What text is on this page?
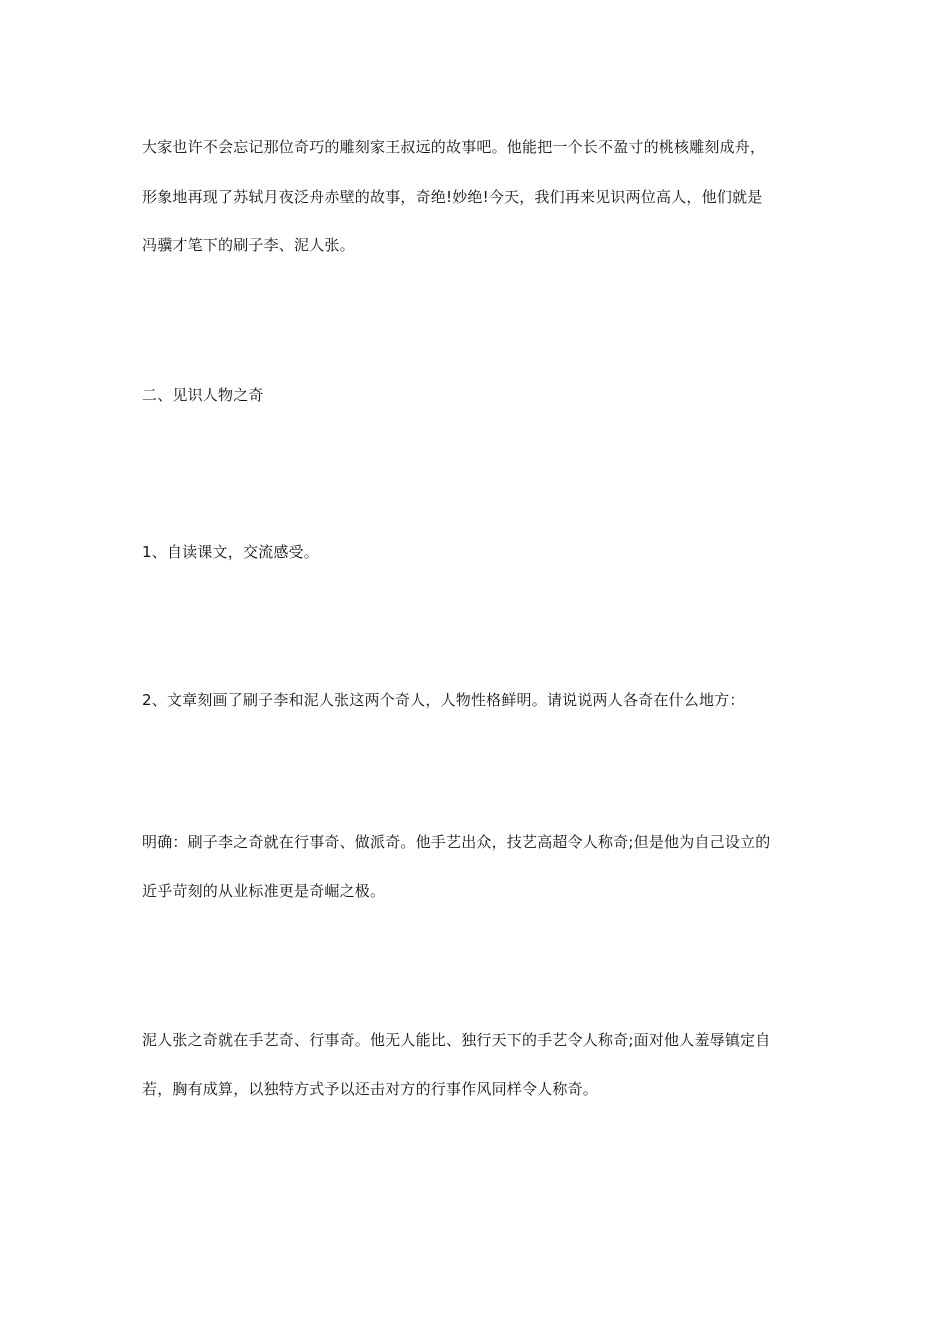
大家也许不会忘记那位奇巧的雕刻家王叔远的故事吧。他能把一个长不盈寸的桃核雕刻成舟，
形象地再现了苏轼月夜泛舟赤壁的故事，奇绝!妙绝!今天，我们再来见识两位高人，他们就是
冯骥才笔下的刷子李、泥人张。
二、见识人物之奇
1、自读课文，交流感受。
2、文章刻画了刷子李和泥人张这两个奇人，人物性格鲜明。请说说两人各奇在什么地方：
明确：刷子李之奇就在行事奇、做派奇。他手艺出众，技艺高超令人称奇;但是他为自己设立的
近乎苛刻的从业标准更是奇崛之极。
泥人张之奇就在手艺奇、行事奇。他无人能比、独行天下的手艺令人称奇;面对他人羞辱镇定自
若，胸有成算，以独特方式予以还击对方的行事作风同样令人称奇。
